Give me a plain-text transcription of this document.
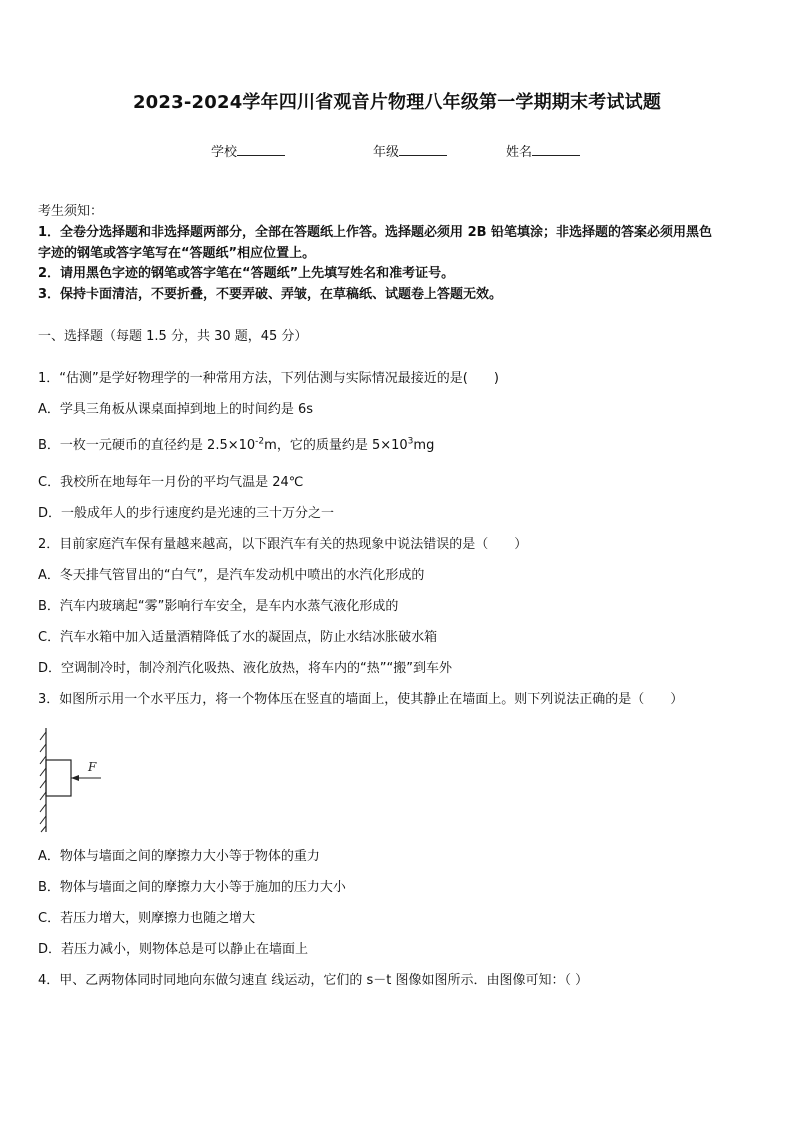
2023-2024学年四川省观音片物理八年级第一学期期末考试试题
学校	年级	姓名
考生须知：
1．全卷分选择题和非选择题两部分，全部在答题纸上作答。选择题必须用 2B 铅笔填涂；非选择题的答案必须用黑色
字迹的钢笔或答字笔写在“答题纸”相应位置上。
2．请用黑色字迹的钢笔或答字笔在“答题纸”上先填写姓名和准考证号。
3．保持卡面清洁，不要折叠，不要弄破、弄皱，在草稿纸、试题卷上答题无效。
一、选择题（每题 1.5 分，共 30 题，45 分）
1．“估测”是学好物理学的一种常用方法，下列估测与实际情况最接近的是(　　)
A．学具三角板从课桌面掉到地上的时间约是 6s
B．一枚一元硬币的直径约是 $2.5\times 10^{-2}m$，它的质量约是 $5\times 10^3mg$
C．我校所在地每年一月份的平均气温是 24℃
D．一般成年人的步行速度约是光速的三十万分之一
2．目前家庭汽车保有量越来越高，以下跟汽车有关的热现象中说法错误的是（　　）
A．冬天排气管冒出的“白气”，是汽车发动机中喷出的水汽化形成的
B．汽车内玻璃起“雾”影响行车安全，是车内水蒸气液化形成的
C．汽车水箱中加入适量酒精降低了水的凝固点，防止水结冰胀破水箱
D．空调制冷时，制冷剂汽化吸热、液化放热，将车内的“热”“搬”到车外
3．如图所示用一个水平压力，将一个物体压在竖直的墙面上，使其静止在墙面上。则下列说法正确的是（　　）
F
A．物体与墙面之间的摩擦力大小等于物体的重力
B．物体与墙面之间的摩擦力大小等于施加的压力大小
C．若压力增大，则摩擦力也随之增大
D．若压力减小，则物体总是可以静止在墙面上
4．甲、乙两物体同时同地向东做匀速直 线运动，它们的 s－t 图像如图所示．由图像可知：（ ）
